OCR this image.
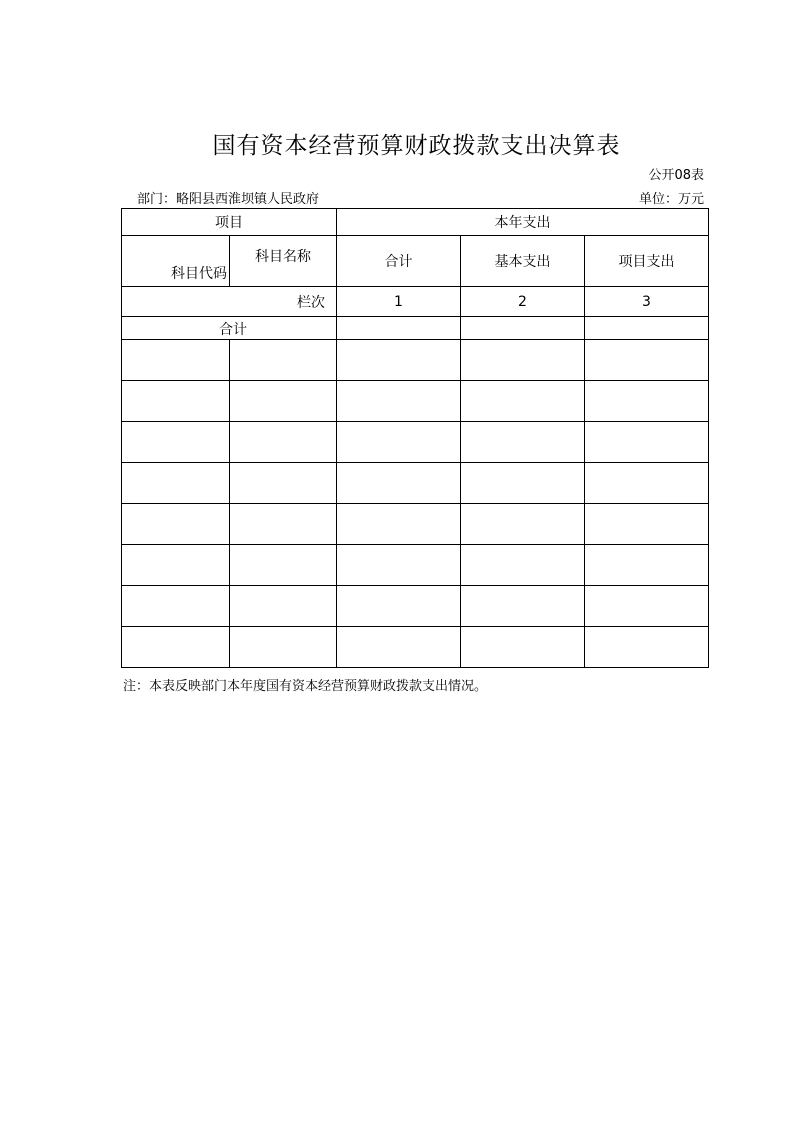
国有资本经营预算财政拨款支出决算表
公开08表
部门：略阳县西淮坝镇人民政府	单位：万元
项目		本年支出		
科目代码	科目名称	合计	基本支出	项目支出
栏次		1	2	3
合计				

注：本表反映部门本年度国有资本经营预算财政拨款支出情况。
